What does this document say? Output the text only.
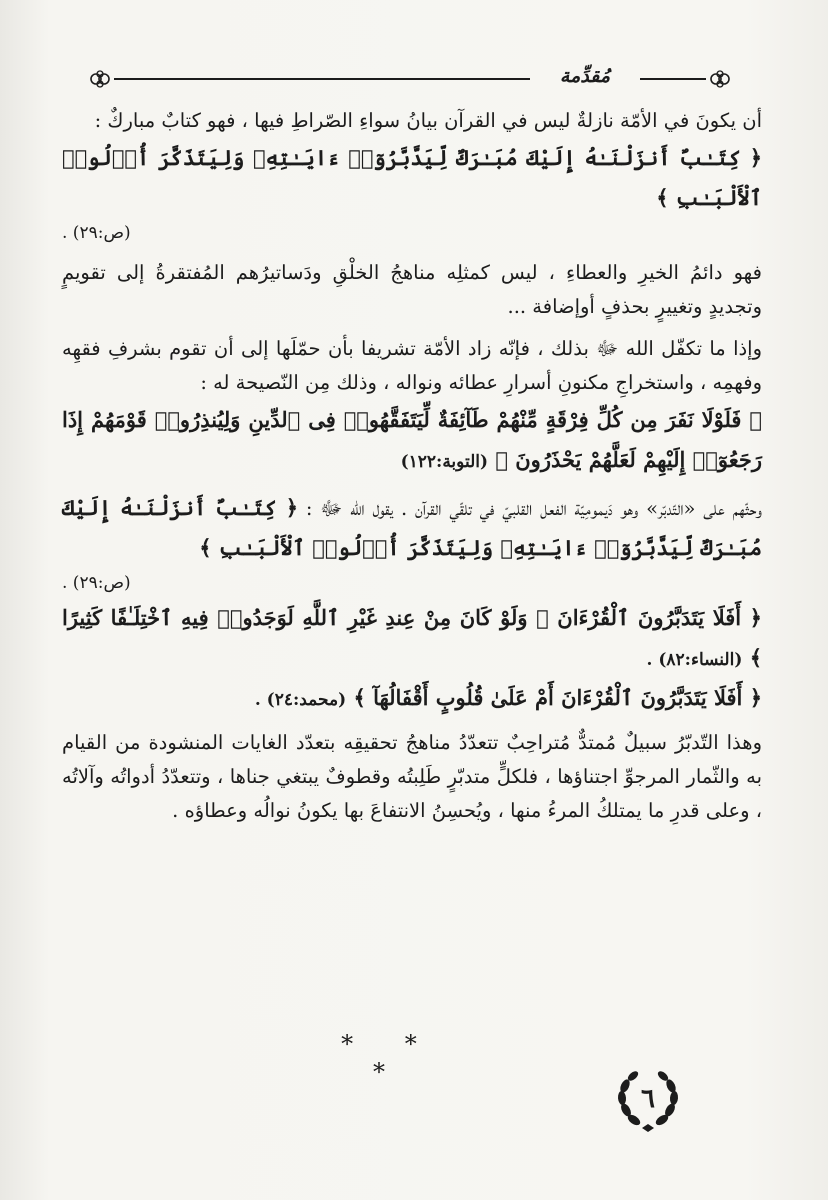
مُقدِّمة

أن يكونَ في الأمّة نازلةٌ ليس في القرآن بيانُ سواءِ الصّراطِ فيها ، فهو كتابٌ مباركٌ :

﴿ كِتَـٰبٌ أَنزَلْنَـٰهُ إِلَيْكَ مُبَـٰرَكٌ لِّيَدَّبَّرُوٓا۟ ءَايَـٰتِهِۦ وَلِيَتَذَكَّرَ أُو۟لُوا۟ ٱلْأَلْبَـٰبِ ﴾

(ص:٢٩) .

فهو دائمُ الخيرِ والعطاءِ ، ليس كمثلِه مناهجُ الخلْقِ ودَساتيرُهم المُفتقرةُ إلى تقويمٍ وتجديدٍ وتغييرٍ بحذفٍ أوإضافة ...

وإذا ما تكفّل الله ﷻ بذلك ، فإنّه زاد الأمّة تشريفا بأن حمّلَها إلى أن تقوم بشرفِ فقهِه وفهمِه ، واستخراجِ مكنونِ أسرارِ عطائه ونواله ، وذلك مِن النّصيحة له :

﴿ فَلَوْلَا نَفَرَ مِن كُلِّ فِرْقَةٍ مِّنْهُمْ طَآئِفَةٌ لِّيَتَفَقَّهُوا۟ فِى ٱلدِّينِ وَلِيُنذِرُوا۟ قَوْمَهُمْ إِذَا رَجَعُوٓا۟ إِلَيْهِمْ لَعَلَّهُمْ يَحْذَرُونَ ﴾ (التوبة:١٢٢)

وحثّهم على «التّدبّر» وهو دَيمومِيّة الفعل القلبيّ في تلقّي القرآن . يقول الله ﷻ : ﴿ كِتَـٰبٌ أَنزَلْنَـٰهُ إِلَيْكَ مُبَـٰرَكٌ لِّيَدَّبَّرُوٓا۟ ءَايَـٰتِهِۦ وَلِيَتَذَكَّرَ أُو۟لُوا۟ ٱلْأَلْبَـٰبِ ﴾

(ص:٢٩) .

﴿ أَفَلَا يَتَدَبَّرُونَ ٱلْقُرْءَانَ ۚ وَلَوْ كَانَ مِنْ عِندِ غَيْرِ ٱللَّهِ لَوَجَدُوا۟ فِيهِ ٱخْتِلَـٰفًا كَثِيرًا ﴾ (النساء:٨٢) .

﴿ أَفَلَا يَتَدَبَّرُونَ ٱلْقُرْءَانَ أَمْ عَلَىٰ قُلُوبٍ أَقْفَالُهَآ ﴾ (محمد:٢٤) .

وهذا التّدبّرُ سبيلٌ مُمتدٌّ مُتراحِبٌ تتعدّدُ مناهجُ تحقيقِه بتعدّد الغايات المنشودة من القيام به والثّمار المرجوِّ اجتناؤها ، فلكلٍّ متدبّرٍ طَلِبتُه وقطوفٌ يبتغي جناها ، وتتعدّدُ أدواتُه وآلاتُه ، وعلى قدرِ ما يمتلكُ المرءُ منها ، ويُحسِنُ الانتفاعَ بها يكونُ نوالُه وعطاؤه .

* * *
٦
